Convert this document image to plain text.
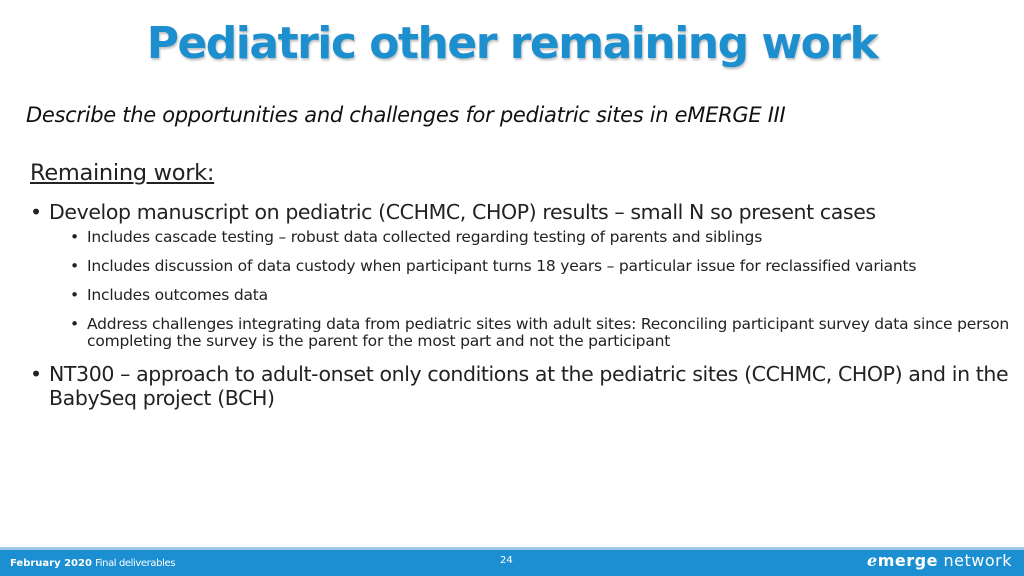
Pediatric other remaining work
Describe the opportunities and challenges for pediatric sites in eMERGE III
Remaining work:
• Develop manuscript on pediatric (CCHMC, CHOP) results – small N so present cases
• Includes cascade testing – robust data collected regarding testing of parents and siblings
• Includes discussion of data custody when participant turns 18 years – particular issue for reclassified variants
• Includes outcomes data
• Address challenges integrating data from pediatric sites with adult sites: Reconciling participant survey data since person completing the survey is the parent for the most part and not the participant
• NT300 – approach to adult-onset only conditions at the pediatric sites (CCHMC, CHOP) and in the BabySeq project (BCH)
February 2020 Final deliverables	24	emerge network
